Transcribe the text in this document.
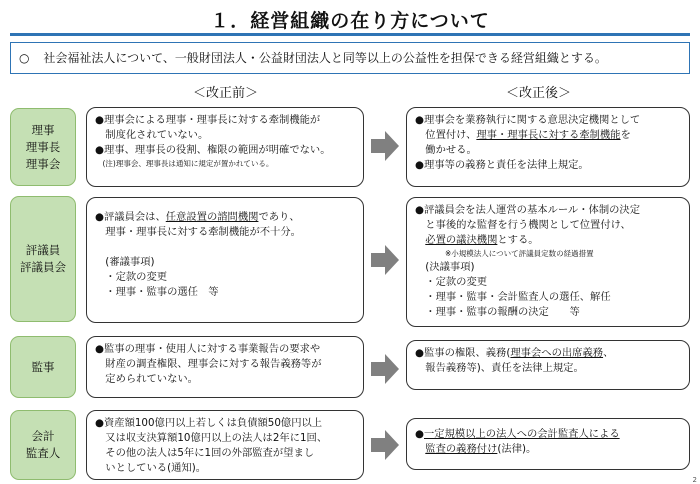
１．経営組織の在り方について
○ 社会福祉法人について、一般財団法人・公益財団法人と同等以上の公益性を担保できる経営組織とする。
＜改正前＞	＜改正後＞
理事
理事長
理事会
●理事会による理事・理事長に対する牽制機能が
　制度化されていない。
●理事、理事長の役割、権限の範囲が明確でない。
　(注)理事会、理事長は通知に規定が置かれている。
●理事会を業務執行に関する意思決定機関として
　位置付け、理事・理事長に対する牽制機能を
　働かせる。
●理事等の義務と責任を法律上規定。
評議員
評議員会
●評議員会は、任意設置の諮問機関であり、
　理事・理事長に対する牽制機能が不十分。

　(審議事項)
　・定款の変更
　・理事・監事の選任　等
●評議員会を法人運営の基本ルール・体制の決定
　と事後的な監督を行う機関として位置付け、
　必置の議決機関とする。
　　　　※小規模法人について評議員定数の経過措置
　(決議事項)
　・定款の変更
　・理事・監事・会計監査人の選任、解任
　・理事・監事の報酬の決定　　等
監事
●監事の理事・使用人に対する事業報告の要求や
　財産の調査権限、理事会に対する報告義務等が
　定められていない。
●監事の権限、義務(理事会への出席義務、
　報告義務等)、責任を法律上規定。
会計
監査人
●資産額100億円以上若しくは負債額50億円以上
　又は収支決算額10億円以上の法人は2年に1回、
　その他の法人は5年に1回の外部監査が望まし
　いとしている(通知)。
●一定規模以上の法人への会計監査人による
　監査の義務付け(法律)。
2
